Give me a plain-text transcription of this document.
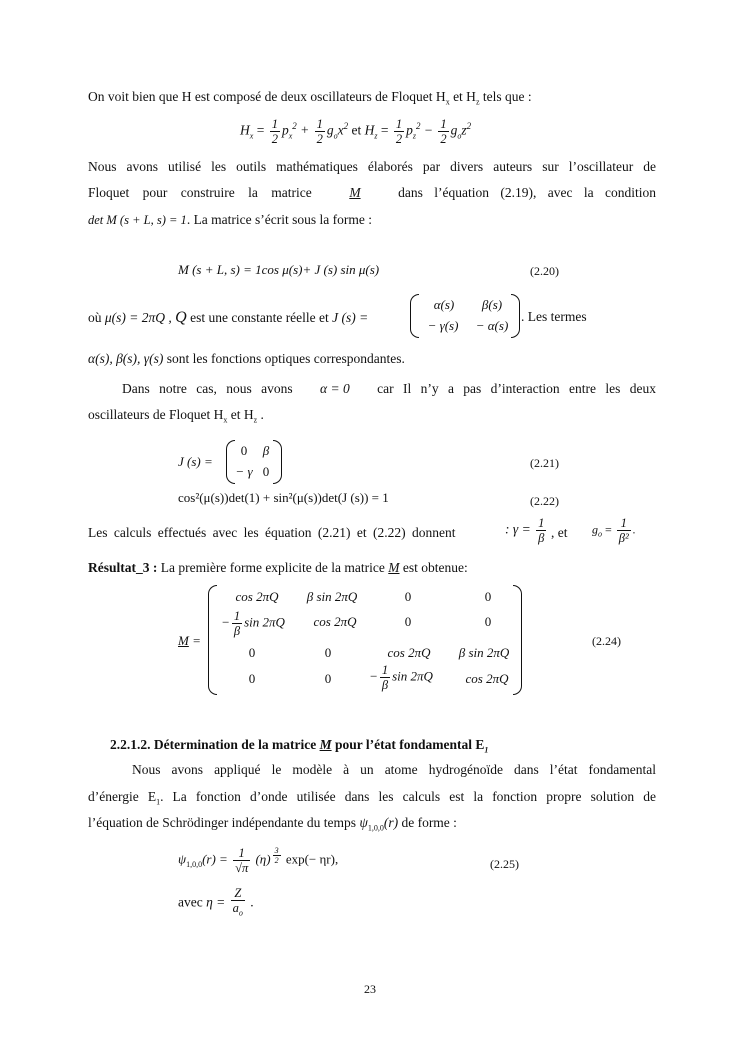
On voit bien que H est composé de deux oscillateurs de Floquet $H_x$ et $H_z$ tels que :
$H_x = \frac{1}{2} p_x^2 + \frac{1}{2} g_ox^2$ et $H_z = \frac{1}{2} p_z^2 - \frac{1}{2} g_oz^2$
Nous avons utilisé les outils mathématiques élaborés par divers auteurs sur l’oscillateur de
Floquet pour construire la matrice	M	dans l’équation (2.19), avec la condition
det M (s + L, s) = 1. La matrice s’écrit sous la forme :
M (s + L, s) = 1cos μ(s)+ J (s) sin μ(s)	(2.20)
où μ(s) = 2πQ , Q est une constante réelle et J (s) =
α(s)	β(s)
− γ(s)	− α(s)
. Les termes
α(s), β(s), γ(s) sont les fonctions optiques correspondantes.
Dans notre cas, nous avons α = 0 car Il n’y a pas d’interaction entre les deux
oscillateurs de Floquet $H_x$ et $H_z$ .
J (s) =
0	β
− γ 0
(2.21)
cos²(μ(s))det(1) + sin²(μ(s))det(J (s)) = 1	(2.22)
Les calculs effectués avec les équation (2.21) et (2.22) donnent	: $\gamma = \frac{1}{\beta}$ , et $g_o = \frac{1}{\text{β²}}$ .
Résultat_3 : La première forme explicite de la matrice M est obtenue:
M =
cos 2πQ	β sin 2πQ	0	0
− $\frac{1}{\beta}$ sin 2πQ	cos 2πQ	0	0
0	0	cos 2πQ	β sin 2πQ
0	0	− $\frac{1}{\beta}$ sin 2πQ	cos 2πQ
(2.24)
2.2.1.2. Détermination de la matrice M pour l’état fondamental $E_1$
Nous avons appliqué le modèle à un atome hydrogénoïde dans l’état fondamental
d’énergie $E_1$. La fonction d’onde utilisée dans les calculs est la fonction propre solution de
l’équation de Schrödinger indépendante du temps $\psi_{1,0,0}(r)$ de forme :
$\psi_{1,0,0}(r) = \frac{1}{√\pi} (\eta) \frac{3}{2} \exp(- \eta r)$,	(2.25)
avec $\eta = \frac{Z}{a_o}$ .
23
